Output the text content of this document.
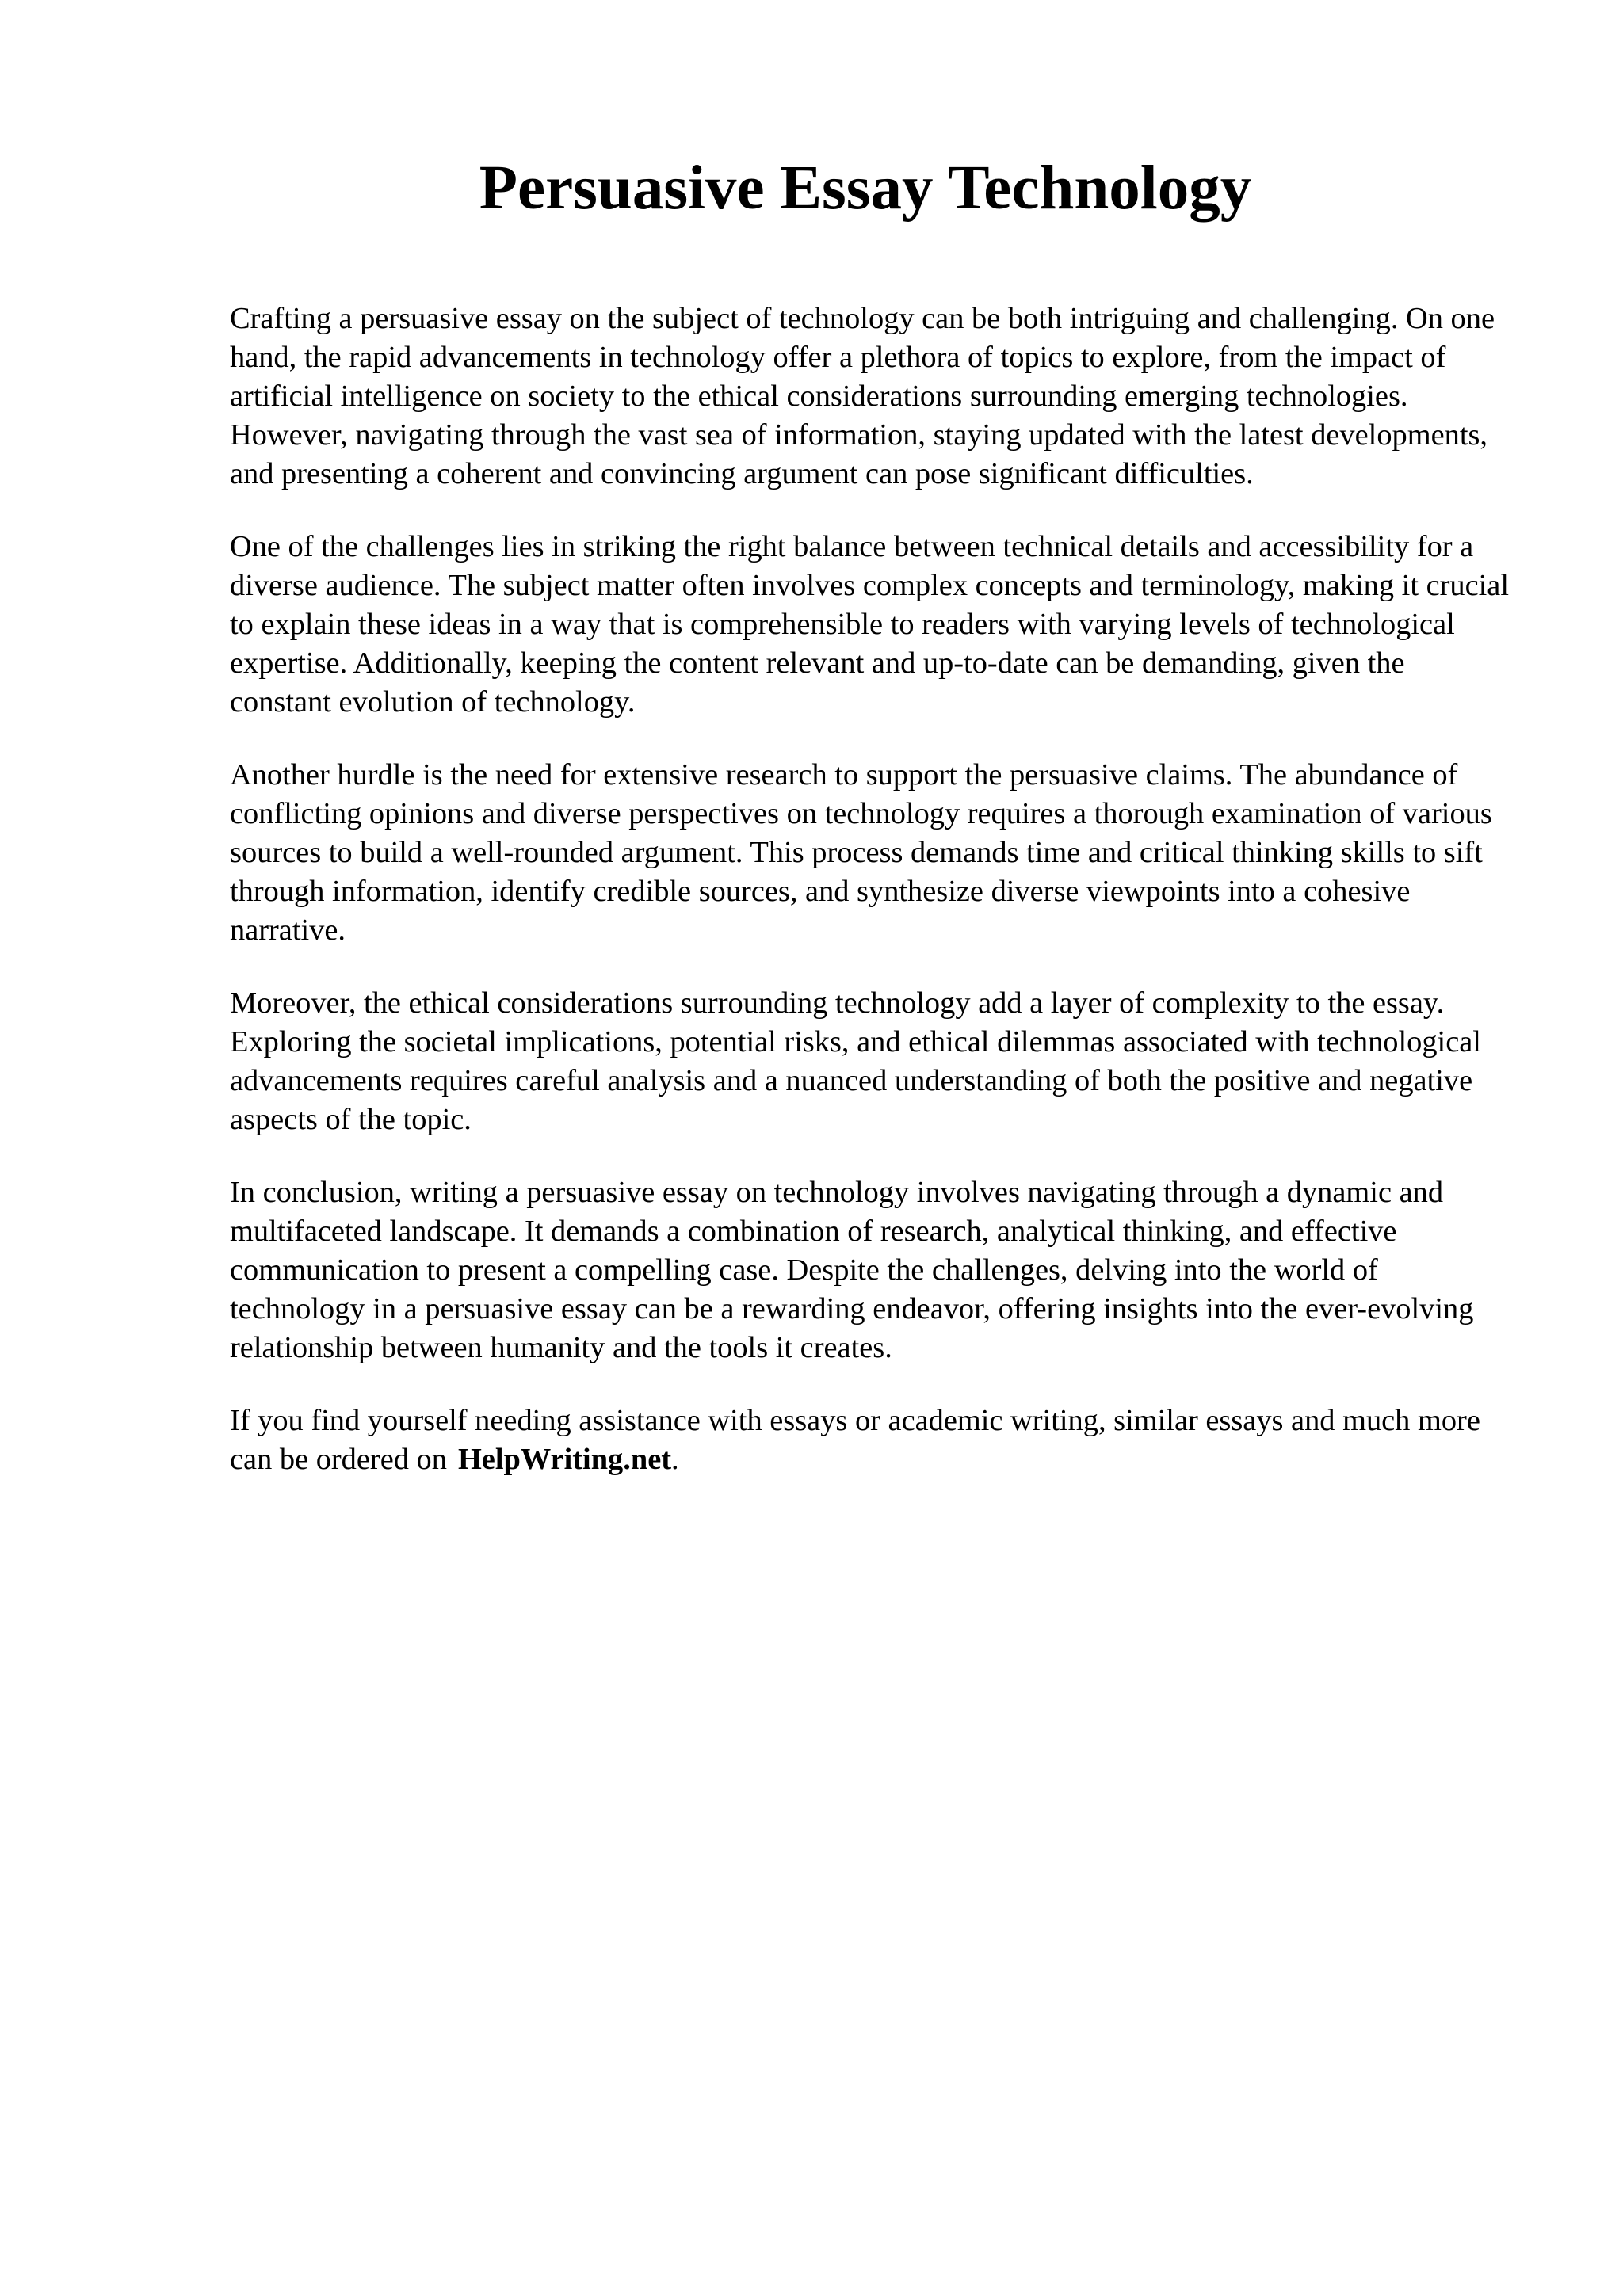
Persuasive Essay Technology

Crafting a persuasive essay on the subject of technology can be both intriguing and challenging. On one hand, the rapid advancements in technology offer a plethora of topics to explore, from the impact of artificial intelligence on society to the ethical considerations surrounding emerging technologies. However, navigating through the vast sea of information, staying updated with the latest developments, and presenting a coherent and convincing argument can pose significant difficulties.

One of the challenges lies in striking the right balance between technical details and accessibility for a diverse audience. The subject matter often involves complex concepts and terminology, making it crucial to explain these ideas in a way that is comprehensible to readers with varying levels of technological expertise. Additionally, keeping the content relevant and up-to-date can be demanding, given the constant evolution of technology.

Another hurdle is the need for extensive research to support the persuasive claims. The abundance of conflicting opinions and diverse perspectives on technology requires a thorough examination of various sources to build a well-rounded argument. This process demands time and critical thinking skills to sift through information, identify credible sources, and synthesize diverse viewpoints into a cohesive narrative.

Moreover, the ethical considerations surrounding technology add a layer of complexity to the essay. Exploring the societal implications, potential risks, and ethical dilemmas associated with technological advancements requires careful analysis and a nuanced understanding of both the positive and negative aspects of the topic.

In conclusion, writing a persuasive essay on technology involves navigating through a dynamic and multifaceted landscape. It demands a combination of research, analytical thinking, and effective communication to present a compelling case. Despite the challenges, delving into the world of technology in a persuasive essay can be a rewarding endeavor, offering insights into the ever-evolving relationship between humanity and the tools it creates.

If you find yourself needing assistance with essays or academic writing, similar essays and much more can be ordered on HelpWriting.net.
